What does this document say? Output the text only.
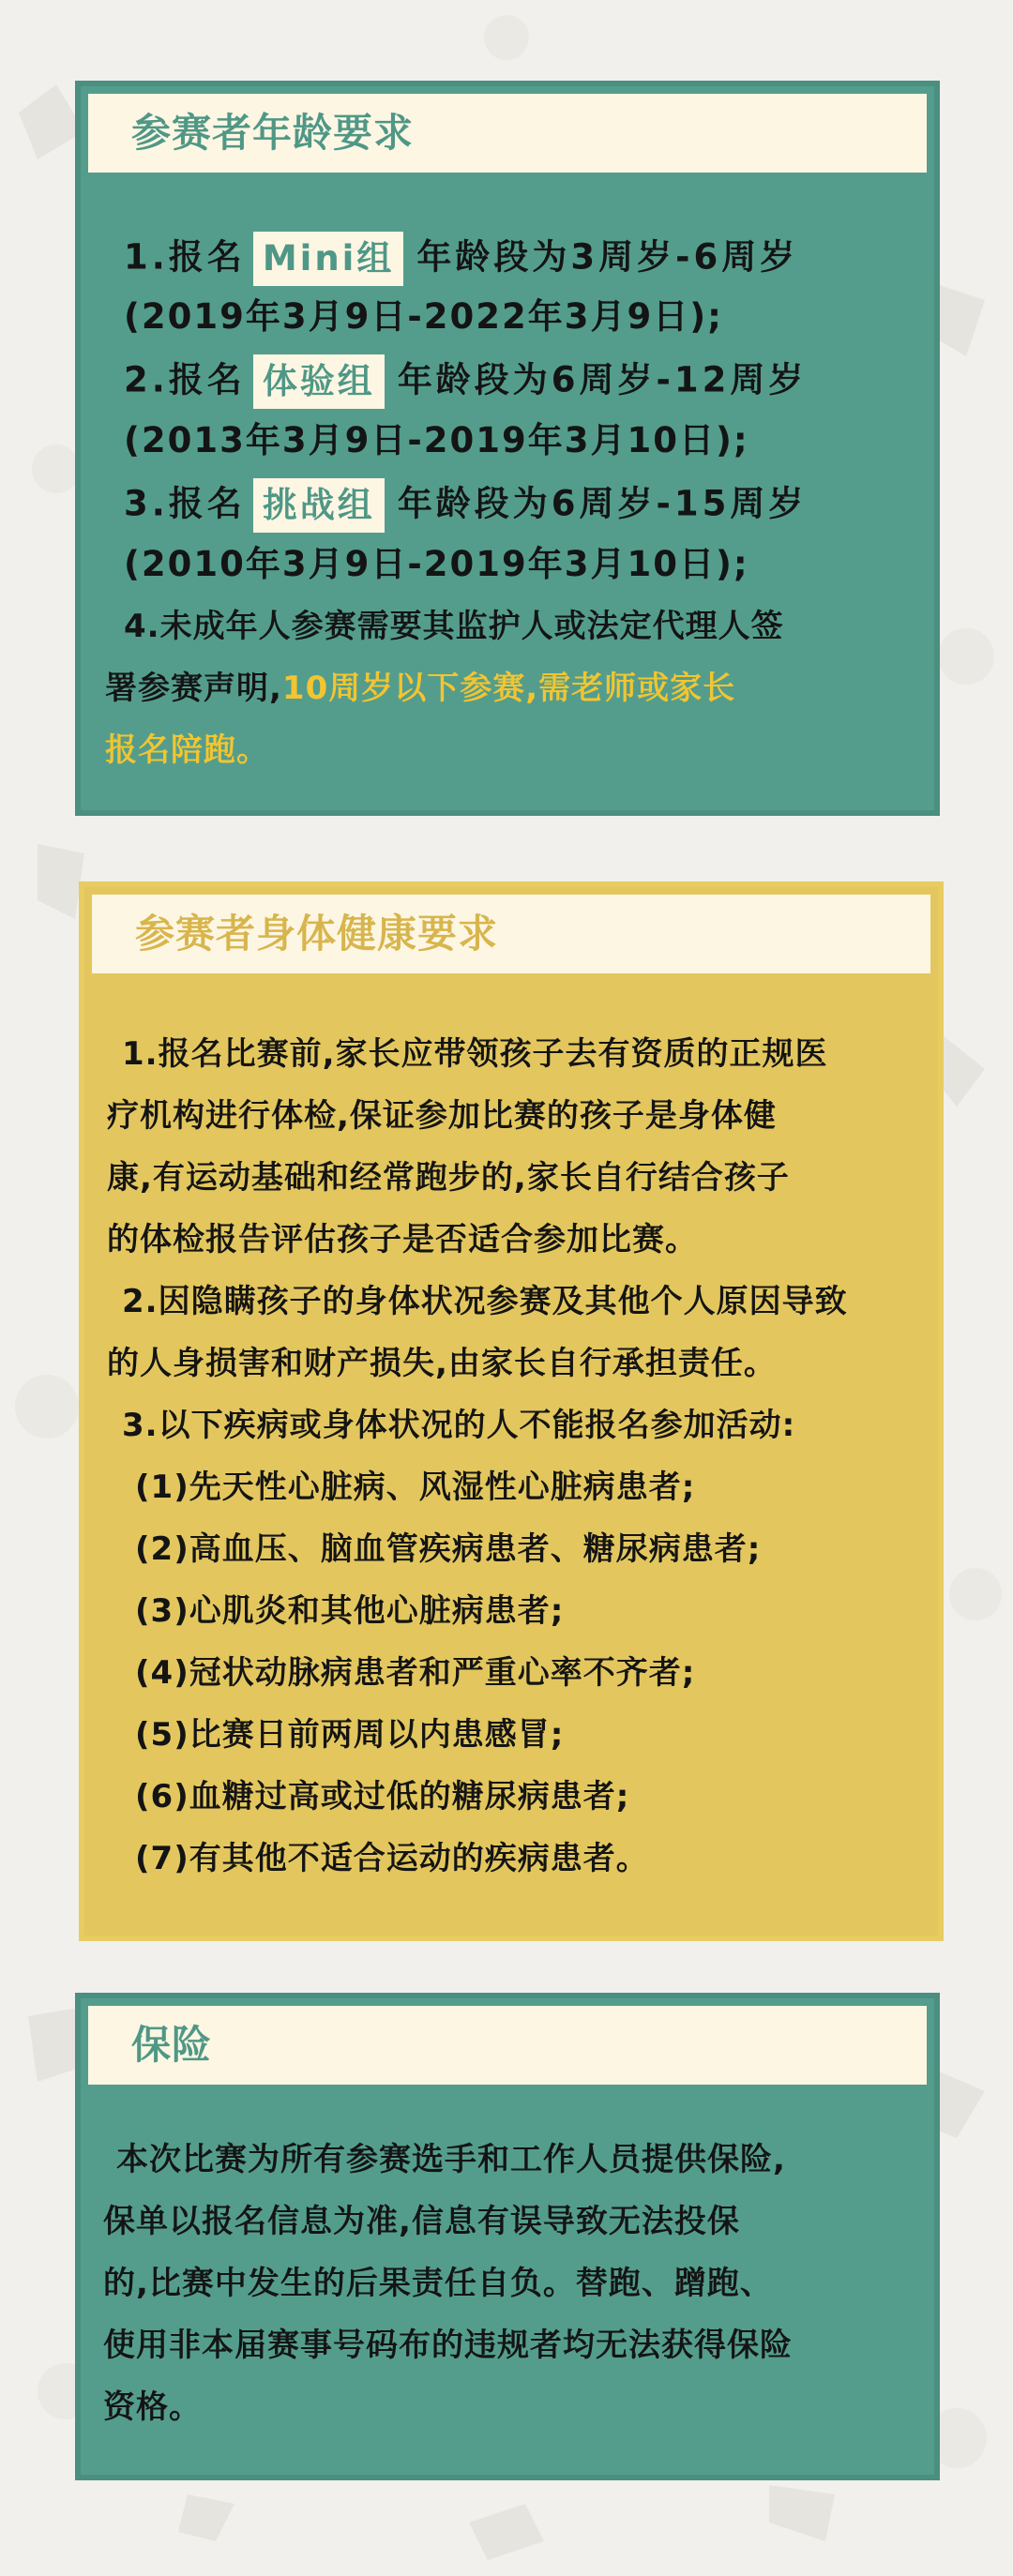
参赛者年龄要求
1.报名 Mini组 年龄段为3周岁-6周岁
(2019年3月9日-2022年3月9日);
2.报名 体验组 年龄段为6周岁-12周岁
(2013年3月9日-2019年3月10日);
3.报名 挑战组 年龄段为6周岁-15周岁
(2010年3月9日-2019年3月10日);
4.未成年人参赛需要其监护人或法定代理人签
署参赛声明,10周岁以下参赛,需老师或家长
报名陪跑。
参赛者身体健康要求
1.报名比赛前,家长应带领孩子去有资质的正规医
疗机构进行体检,保证参加比赛的孩子是身体健
康,有运动基础和经常跑步的,家长自行结合孩子
的体检报告评估孩子是否适合参加比赛。
2.因隐瞒孩子的身体状况参赛及其他个人原因导致
的人身损害和财产损失,由家长自行承担责任。
3.以下疾病或身体状况的人不能报名参加活动:
(1)先天性心脏病、风湿性心脏病患者;
(2)高血压、脑血管疾病患者、糖尿病患者;
(3)心肌炎和其他心脏病患者;
(4)冠状动脉病患者和严重心率不齐者;
(5)比赛日前两周以内患感冒;
(6)血糖过高或过低的糖尿病患者;
(7)有其他不适合运动的疾病患者。
保险
本次比赛为所有参赛选手和工作人员提供保险,
保单以报名信息为准,信息有误导致无法投保
的,比赛中发生的后果责任自负。替跑、蹭跑、
使用非本届赛事号码布的违规者均无法获得保险
资格。
